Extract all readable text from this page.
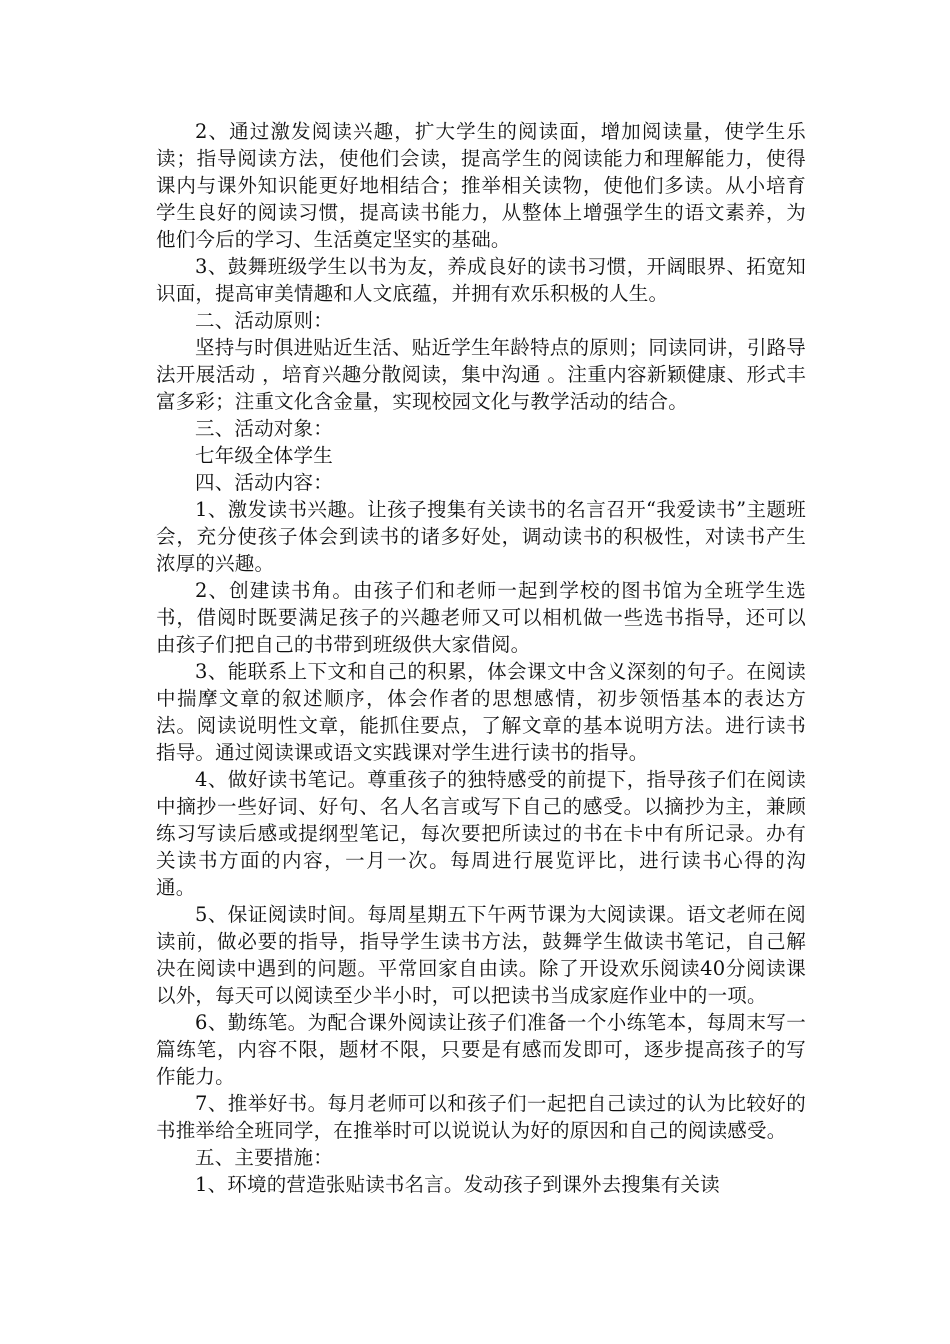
2、通过激发阅读兴趣，扩大学生的阅读面，增加阅读量，使学生乐读；指导阅读方法，使他们会读，提高学生的阅读能力和理解能力，使得课内与课外知识能更好地相结合；推举相关读物，使他们多读。从小培育学生良好的阅读习惯，提高读书能力，从整体上增强学生的语文素养，为他们今后的学习、生活奠定坚实的基础。

3、鼓舞班级学生以书为友，养成良好的读书习惯，开阔眼界、拓宽知识面，提高审美情趣和人文底蕴，并拥有欢乐积极的人生。

二、活动原则：

坚持与时俱进贴近生活、贴近学生年龄特点的原则；同读同讲，引路导法开展活动 ，培育兴趣分散阅读，集中沟通 。注重内容新颖健康、形式丰富多彩；注重文化含金量，实现校园文化与教学活动的结合。

三、活动对象：

七年级全体学生

四、活动内容：

1、激发读书兴趣。让孩子搜集有关读书的名言召开“我爱读书”主题班会，充分使孩子体会到读书的诸多好处，调动读书的积极性，对读书产生浓厚的兴趣。

2、创建读书角。由孩子们和老师一起到学校的图书馆为全班学生选书，借阅时既要满足孩子的兴趣老师又可以相机做一些选书指导，还可以由孩子们把自己的书带到班级供大家借阅。

3、能联系上下文和自己的积累，体会课文中含义深刻的句子。在阅读中揣摩文章的叙述顺序，体会作者的思想感情，初步领悟基本的表达方法。阅读说明性文章，能抓住要点，了解文章的基本说明方法。进行读书指导。通过阅读课或语文实践课对学生进行读书的指导。

4、做好读书笔记。尊重孩子的独特感受的前提下，指导孩子们在阅读中摘抄一些好词、好句、名人名言或写下自己的感受。以摘抄为主，兼顾练习写读后感或提纲型笔记，每次要把所读过的书在卡中有所记录。办有关读书方面的内容，一月一次。每周进行展览评比，进行读书心得的沟通。

5、保证阅读时间。每周星期五下午两节课为大阅读课。语文老师在阅读前，做必要的指导，指导学生读书方法，鼓舞学生做读书笔记，自己解决在阅读中遇到的问题。平常回家自由读。除了开设欢乐阅读40分阅读课以外，每天可以阅读至少半小时，可以把读书当成家庭作业中的一项。

6、勤练笔。为配合课外阅读让孩子们准备一个小练笔本，每周末写一篇练笔，内容不限，题材不限，只要是有感而发即可，逐步提高孩子的写作能力。

7、推举好书。每月老师可以和孩子们一起把自己读过的认为比较好的书推举给全班同学，在推举时可以说说认为好的原因和自己的阅读感受。

五、主要措施：

1、环境的营造张贴读书名言。发动孩子到课外去搜集有关读
